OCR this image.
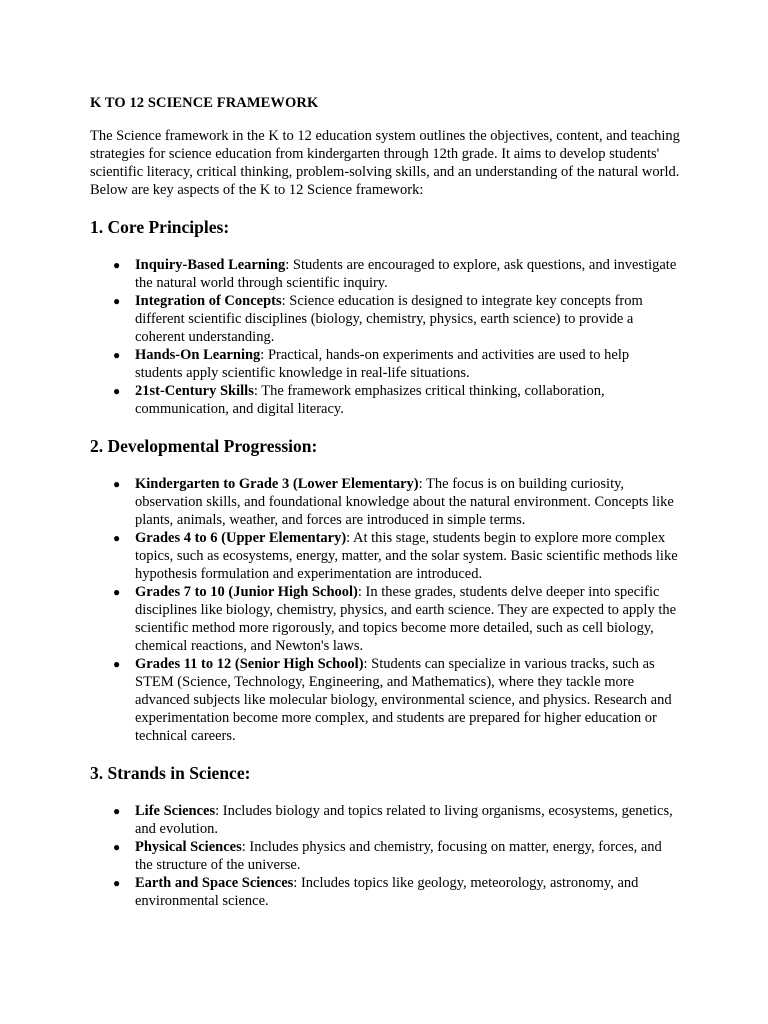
K TO 12 SCIENCE FRAMEWORK
The Science framework in the K to 12 education system outlines the objectives, content, and teaching strategies for science education from kindergarten through 12th grade. It aims to develop students' scientific literacy, critical thinking, problem-solving skills, and an understanding of the natural world. Below are key aspects of the K to 12 Science framework:
1. Core Principles:
● Inquiry-Based Learning: Students are encouraged to explore, ask questions, and investigate the natural world through scientific inquiry.
● Integration of Concepts: Science education is designed to integrate key concepts from different scientific disciplines (biology, chemistry, physics, earth science) to provide a coherent understanding.
● Hands-On Learning: Practical, hands-on experiments and activities are used to help students apply scientific knowledge in real-life situations.
● 21st-Century Skills: The framework emphasizes critical thinking, collaboration, communication, and digital literacy.
2. Developmental Progression:
● Kindergarten to Grade 3 (Lower Elementary): The focus is on building curiosity, observation skills, and foundational knowledge about the natural environment. Concepts like plants, animals, weather, and forces are introduced in simple terms.
● Grades 4 to 6 (Upper Elementary): At this stage, students begin to explore more complex topics, such as ecosystems, energy, matter, and the solar system. Basic scientific methods like hypothesis formulation and experimentation are introduced.
● Grades 7 to 10 (Junior High School): In these grades, students delve deeper into specific disciplines like biology, chemistry, physics, and earth science. They are expected to apply the scientific method more rigorously, and topics become more detailed, such as cell biology, chemical reactions, and Newton's laws.
● Grades 11 to 12 (Senior High School): Students can specialize in various tracks, such as STEM (Science, Technology, Engineering, and Mathematics), where they tackle more advanced subjects like molecular biology, environmental science, and physics. Research and experimentation become more complex, and students are prepared for higher education or technical careers.
3. Strands in Science:
● Life Sciences: Includes biology and topics related to living organisms, ecosystems, genetics, and evolution.
● Physical Sciences: Includes physics and chemistry, focusing on matter, energy, forces, and the structure of the universe.
● Earth and Space Sciences: Includes topics like geology, meteorology, astronomy, and environmental science.
